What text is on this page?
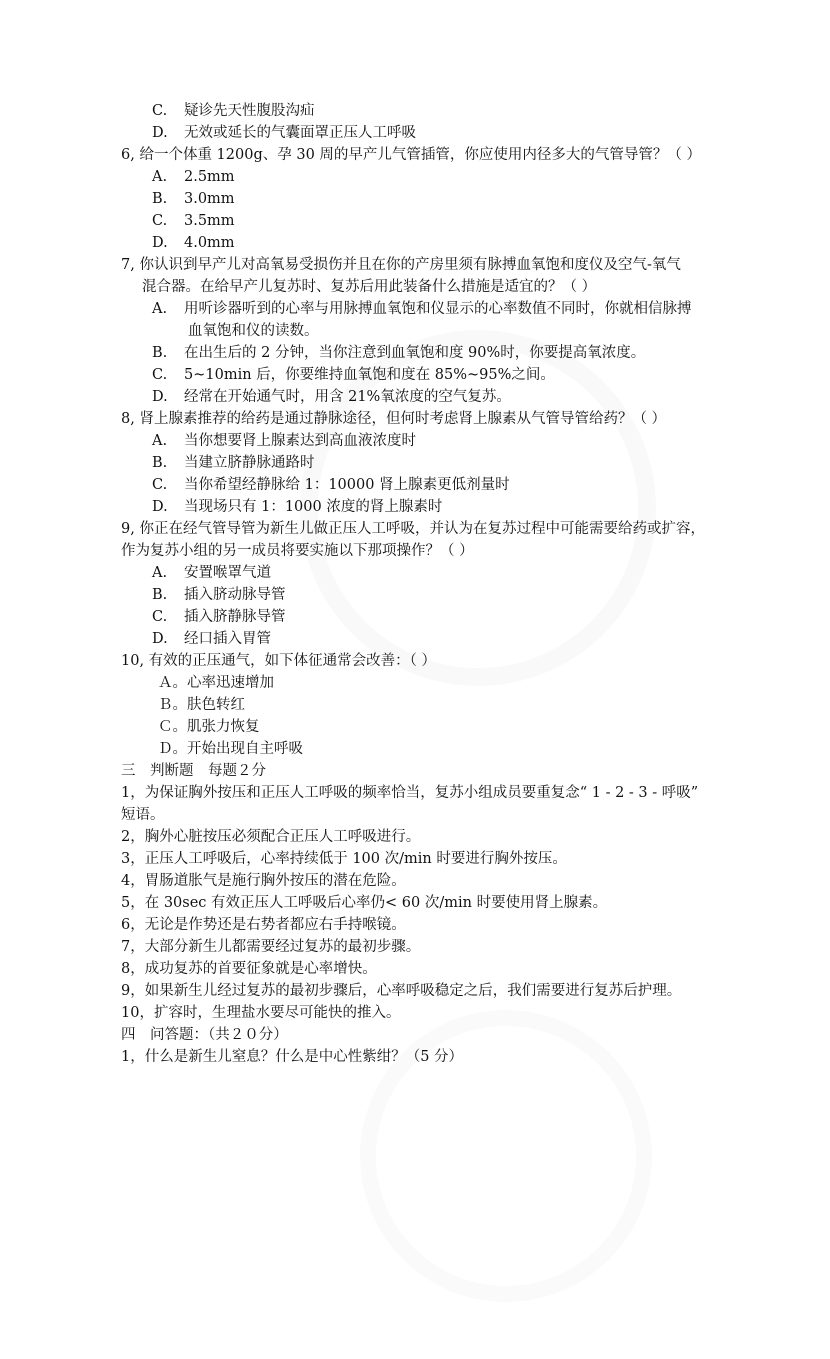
C. 疑诊先天性腹股沟疝
D. 无效或延长的气囊面罩正压人工呼吸
6, 给一个体重 1200g、孕 30 周的早产儿气管插管，你应使用内径多大的气管导管？（ ）
A. 2.5mm
B. 3.0mm
C. 3.5mm
D. 4.0mm
7, 你认识到早产儿对高氧易受损伤并且在你的产房里须有脉搏血氧饱和度仪及空气-氧气
混合器。在给早产儿复苏时、复苏后用此装备什么措施是适宜的？（ ）
A. 用听诊器听到的心率与用脉搏血氧饱和仪显示的心率数值不同时，你就相信脉搏
血氧饱和仪的读数。
B. 在出生后的 2 分钟，当你注意到血氧饱和度 90%时，你要提高氧浓度。
C. 5~10min 后，你要维持血氧饱和度在 85%~95%之间。
D. 经常在开始通气时，用含 21%氧浓度的空气复苏。
8, 肾上腺素推荐的给药是通过静脉途径，但何时考虑肾上腺素从气管导管给药？（ ）
A. 当你想要肾上腺素达到高血液浓度时
B. 当建立脐静脉通路时
C. 当你希望经静脉给 1：10000 肾上腺素更低剂量时
D. 当现场只有 1：1000 浓度的肾上腺素时
9, 你正在经气管导管为新生儿做正压人工呼吸，并认为在复苏过程中可能需要给药或扩容，
作为复苏小组的另一成员将要实施以下那项操作？（ ）
A. 安置喉罩气道
B. 插入脐动脉导管
C. 插入脐静脉导管
D. 经口插入胃管
10, 有效的正压通气，如下体征通常会改善：（ ）
Ａ。心率迅速增加
Ｂ。肤色转红
Ｃ。肌张力恢复
Ｄ。开始出现自主呼吸
三　判断题　每题２分
1，为保证胸外按压和正压人工呼吸的频率恰当，复苏小组成员要重复念“ 1 - 2 - 3 - 呼吸”
短语。
2，胸外心脏按压必须配合正压人工呼吸进行。
3，正压人工呼吸后，心率持续低于 100 次/min 时要进行胸外按压。
4，胃肠道胀气是施行胸外按压的潜在危险。
5，在 30sec 有效正压人工呼吸后心率仍< 60 次/min 时要使用肾上腺素。
6，无论是作势还是右势者都应右手持喉镜。
7，大部分新生儿都需要经过复苏的最初步骤。
8，成功复苏的首要征象就是心率增快。
9，如果新生儿经过复苏的最初步骤后，心率呼吸稳定之后，我们需要进行复苏后护理。
10，扩容时，生理盐水要尽可能快的推入。
四　问答题：（共２０分）
1，什么是新生儿窒息？什么是中心性紫绀？（5 分）
